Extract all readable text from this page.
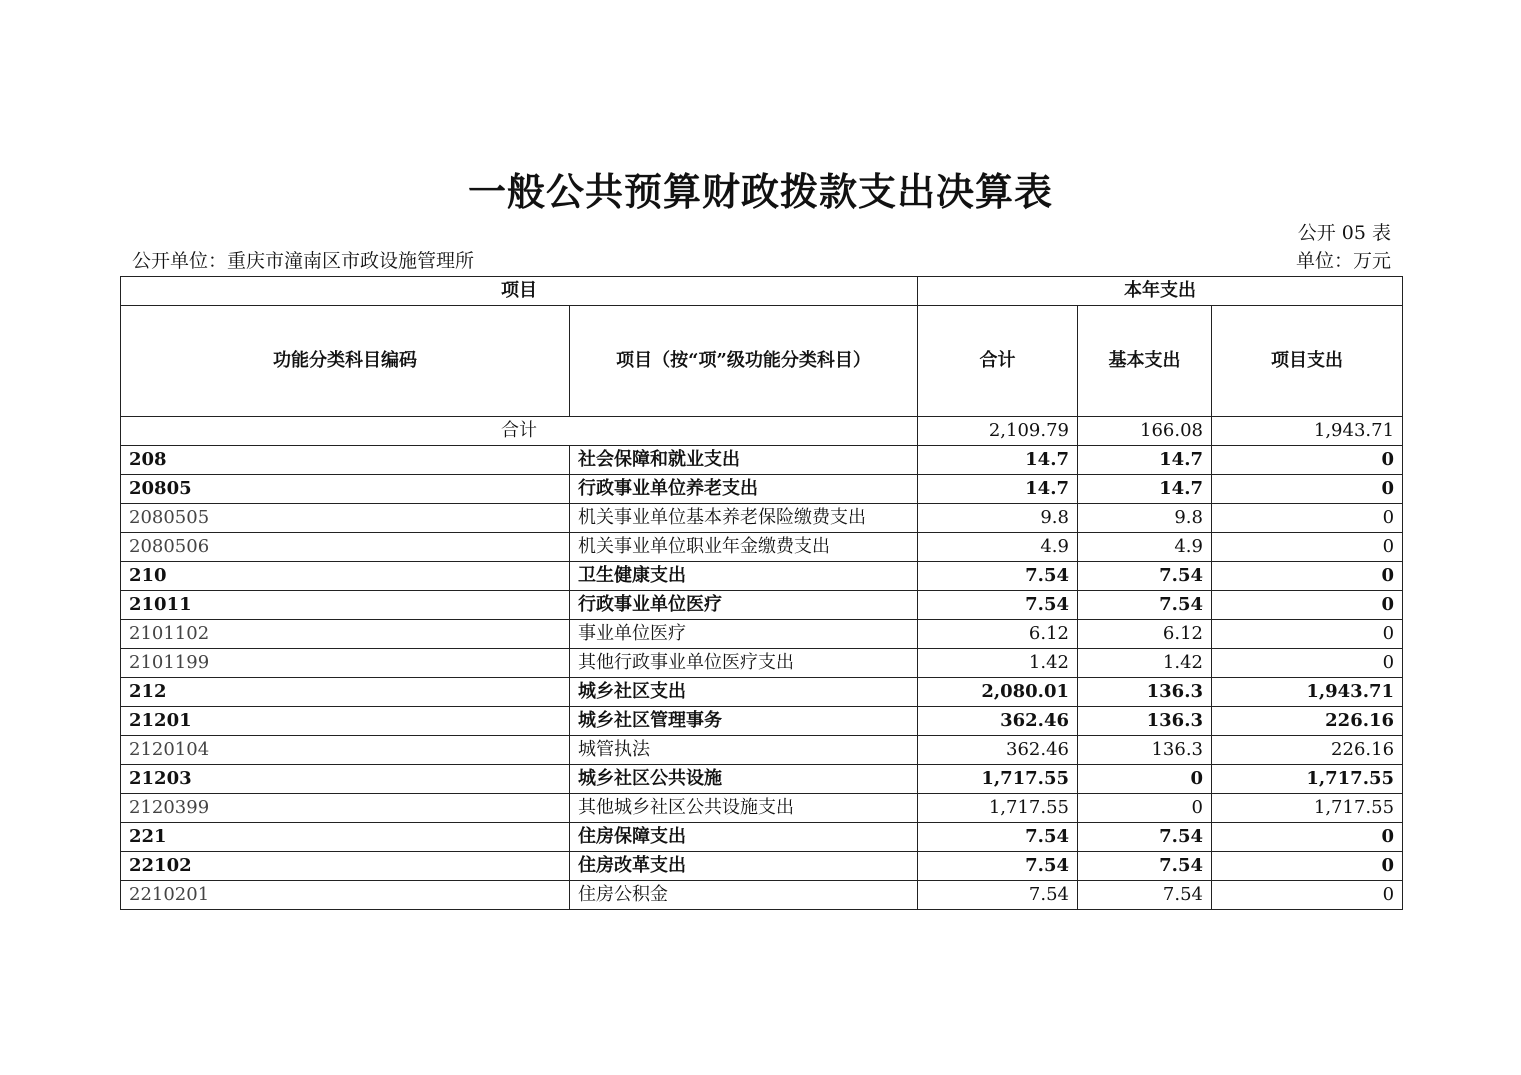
一般公共预算财政拨款支出决算表
公开 05 表
公开单位：重庆市潼南区市政设施管理所	单位：万元
项目		本年支出		
功能分类科目编码	项目（按“项”级功能分类科目）	合计	基本支出	项目支出
合计		2,109.79	166.08	1,943.71
208	社会保障和就业支出	14.7	14.7	0
20805	行政事业单位养老支出	14.7	14.7	0
2080505	机关事业单位基本养老保险缴费支出	9.8	9.8	0
2080506	机关事业单位职业年金缴费支出	4.9	4.9	0
210	卫生健康支出	7.54	7.54	0
21011	行政事业单位医疗	7.54	7.54	0
2101102	事业单位医疗	6.12	6.12	0
2101199	其他行政事业单位医疗支出	1.42	1.42	0
212	城乡社区支出	2,080.01	136.3	1,943.71
21201	城乡社区管理事务	362.46	136.3	226.16
2120104	城管执法	362.46	136.3	226.16
21203	城乡社区公共设施	1,717.55	0	1,717.55
2120399	其他城乡社区公共设施支出	1,717.55	0	1,717.55
221	住房保障支出	7.54	7.54	0
22102	住房改革支出	7.54	7.54	0
2210201	住房公积金	7.54	7.54	0
